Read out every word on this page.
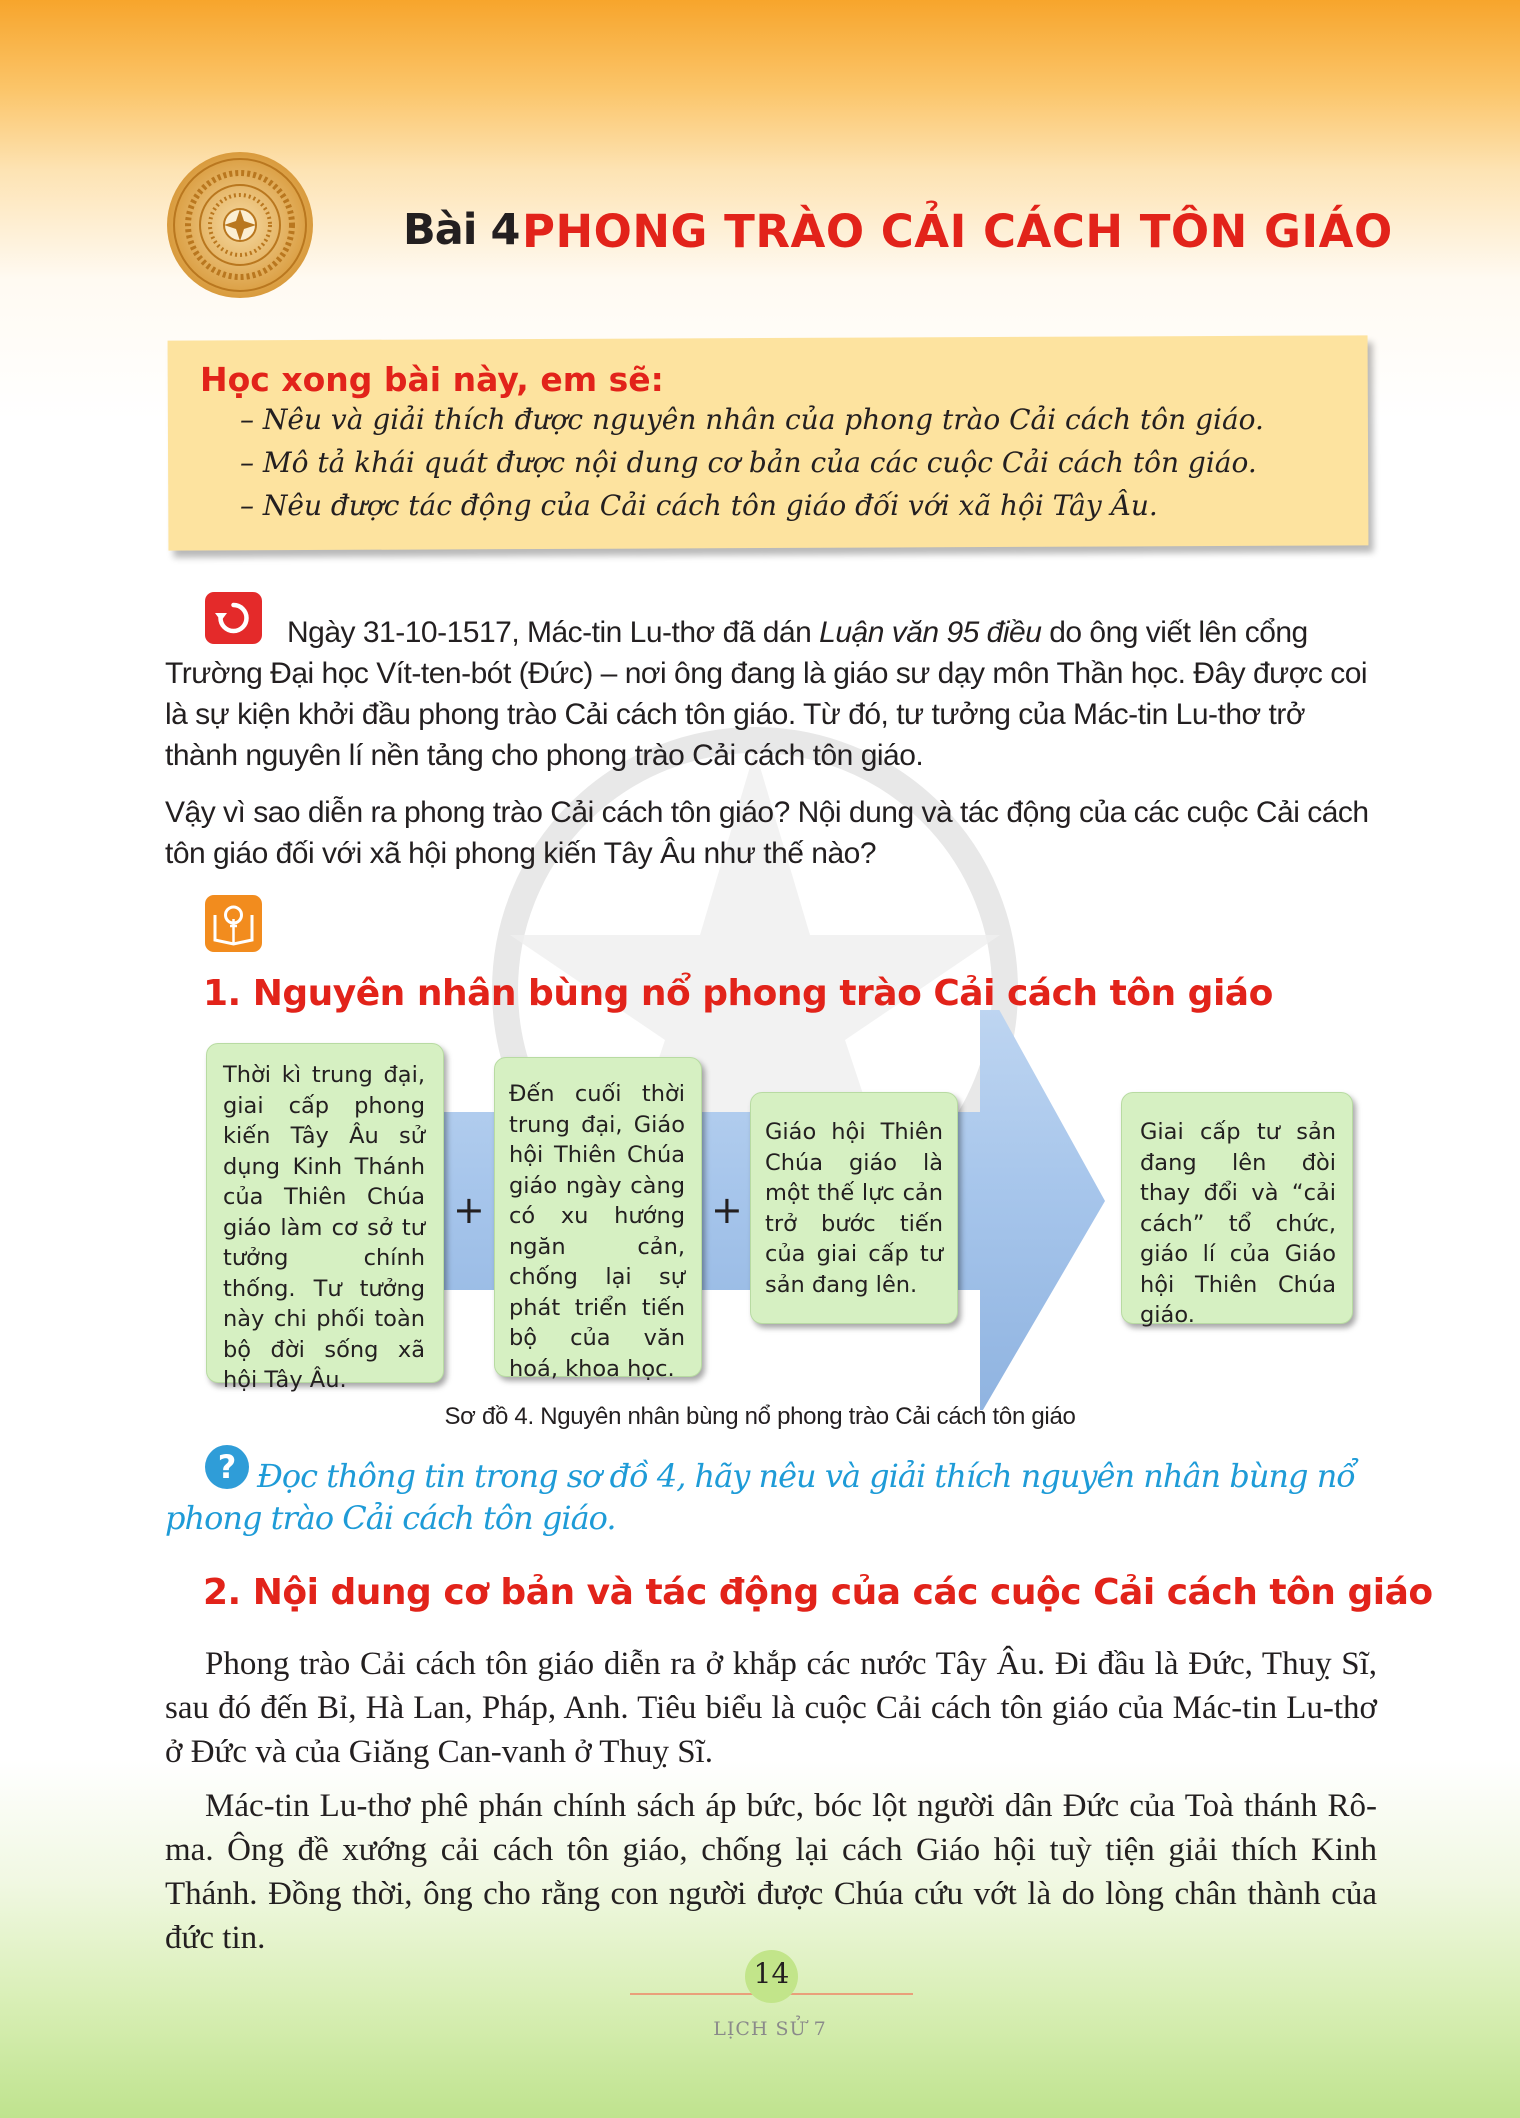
Bài 4 PHONG TRÀO CẢI CÁCH TÔN GIÁO
Học xong bài này, em sẽ:
– Nêu và giải thích được nguyên nhân của phong trào Cải cách tôn giáo.
– Mô tả khái quát được nội dung cơ bản của các cuộc Cải cách tôn giáo.
– Nêu được tác động của Cải cách tôn giáo đối với xã hội Tây Âu.
Ngày 31-10-1517, Mác-tin Lu-thơ đã dán Luận văn 95 điều do ông viết lên cổng Trường Đại học Vít-ten-bót (Đức) – nơi ông đang là giáo sư dạy môn Thần học. Đây được coi là sự kiện khởi đầu phong trào Cải cách tôn giáo. Từ đó, tư tưởng của Mác-tin Lu-thơ trở thành nguyên lí nền tảng cho phong trào Cải cách tôn giáo.
Vậy vì sao diễn ra phong trào Cải cách tôn giáo? Nội dung và tác động của các cuộc Cải cách tôn giáo đối với xã hội phong kiến Tây Âu như thế nào?
1. Nguyên nhân bùng nổ phong trào Cải cách tôn giáo
Thời kì trung đại, giai cấp phong kiến Tây Âu sử dụng Kinh Thánh của Thiên Chúa giáo làm cơ sở tư tưởng chính thống. Tư tưởng này chi phối toàn bộ đời sống xã hội Tây Âu.
+
Đến cuối thời trung đại, Giáo hội Thiên Chúa giáo ngày càng có xu hướng ngăn cản, chống lại sự phát triển tiến bộ của văn hoá, khoa học.
+
Giáo hội Thiên Chúa giáo là một thế lực cản trở bước tiến của giai cấp tư sản đang lên.
Giai cấp tư sản đang lên đòi thay đổi và “cải cách” tổ chức, giáo lí của Giáo hội Thiên Chúa giáo.
Sơ đồ 4. Nguyên nhân bùng nổ phong trào Cải cách tôn giáo
? Đọc thông tin trong sơ đồ 4, hãy nêu và giải thích nguyên nhân bùng nổ phong trào Cải cách tôn giáo.
2. Nội dung cơ bản và tác động của các cuộc Cải cách tôn giáo
Phong trào Cải cách tôn giáo diễn ra ở khắp các nước Tây Âu. Đi đầu là Đức, Thuỵ Sĩ, sau đó đến Bỉ, Hà Lan, Pháp, Anh. Tiêu biểu là cuộc Cải cách tôn giáo của Mác-tin Lu-thơ ở Đức và của Giăng Can-vanh ở Thuỵ Sĩ.
Mác-tin Lu-thơ phê phán chính sách áp bức, bóc lột người dân Đức của Toà thánh Rô-ma. Ông đề xướng cải cách tôn giáo, chống lại cách Giáo hội tuỳ tiện giải thích Kinh Thánh. Đồng thời, ông cho rằng con người được Chúa cứu vớt là do lòng chân thành của đức tin.
14
LỊCH SỬ 7
